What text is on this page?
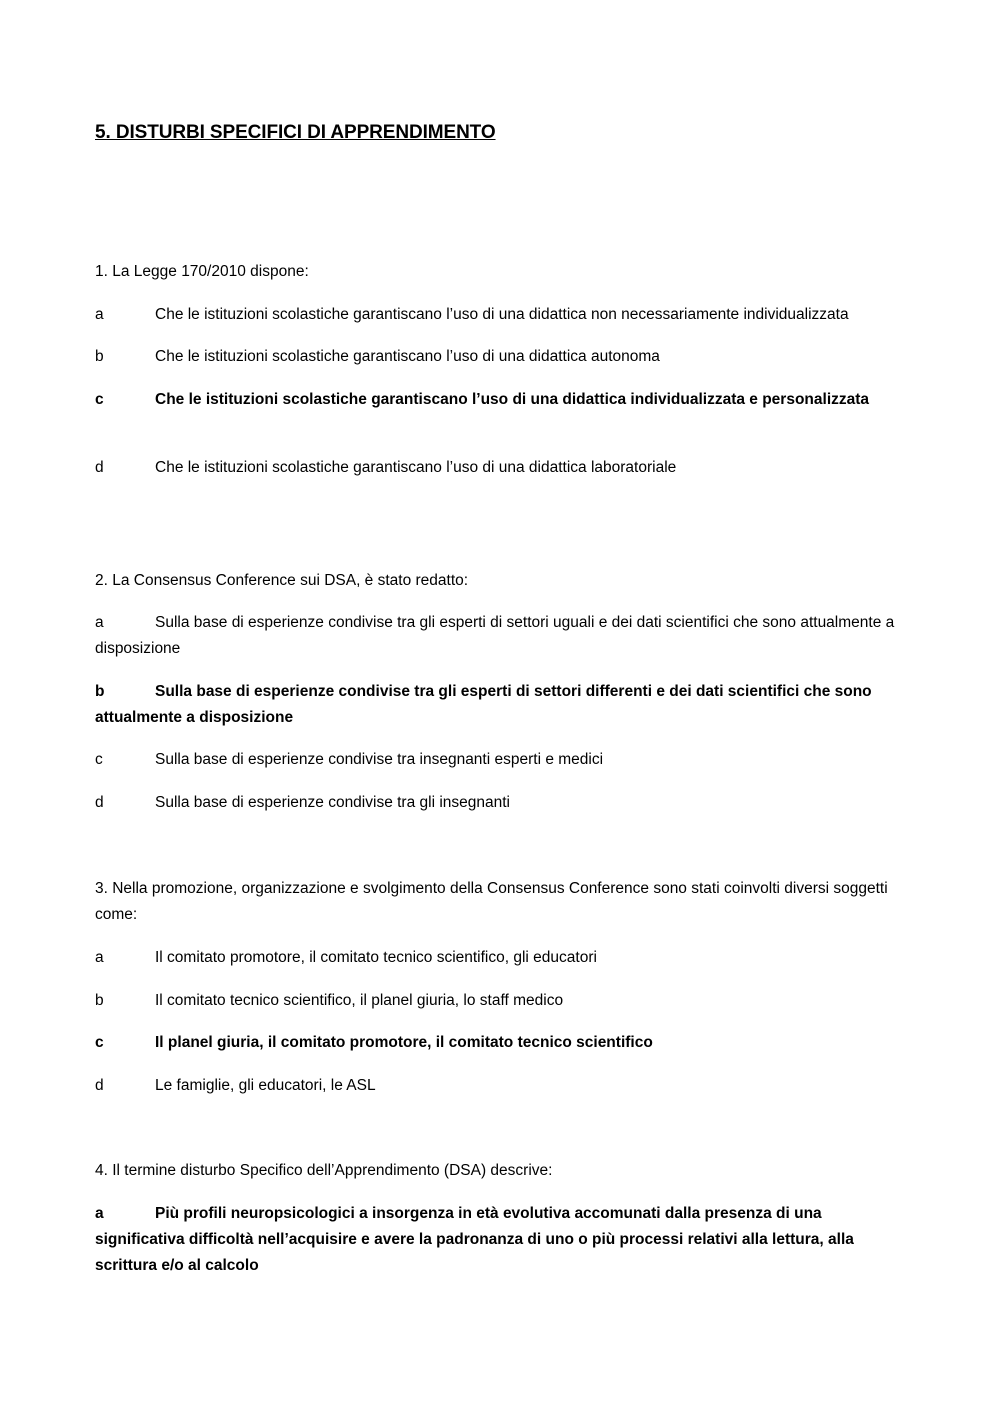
5. DISTURBI SPECIFICI DI APPRENDIMENTO

1. La Legge 170/2010 dispone:

a	Che le istituzioni scolastiche garantiscano l’uso di una didattica non necessariamente individualizzata

b	Che le istituzioni scolastiche garantiscano l’uso di una didattica autonoma

c	Che le istituzioni scolastiche garantiscano l’uso di una didattica individualizzata e personalizzata

d	Che le istituzioni scolastiche garantiscano l’uso di una didattica laboratoriale

2. La Consensus Conference sui DSA, è stato redatto:

a	Sulla base di esperienze condivise tra gli esperti di settori uguali e dei dati scientifici che sono attualmente a disposizione

b	Sulla base di esperienze condivise tra gli esperti di settori differenti e dei dati scientifici che sono attualmente a disposizione

c	Sulla base di esperienze condivise tra insegnanti esperti e medici

d	Sulla base di esperienze condivise tra gli insegnanti

3. Nella promozione, organizzazione e svolgimento della Consensus Conference sono stati coinvolti diversi soggetti come:

a	Il comitato promotore, il comitato tecnico scientifico, gli educatori

b	Il comitato tecnico scientifico, il planel giuria, lo staff medico

c	Il planel giuria, il comitato promotore, il comitato tecnico scientifico

d	Le famiglie, gli educatori, le ASL

4. Il termine disturbo Specifico dell’Apprendimento (DSA) descrive:

a	Più profili neuropsicologici a insorgenza in età evolutiva accomunati dalla presenza di una significativa difficoltà nell’acquisire e avere la padronanza di uno o più processi relativi alla lettura, alla scrittura e/o al calcolo
